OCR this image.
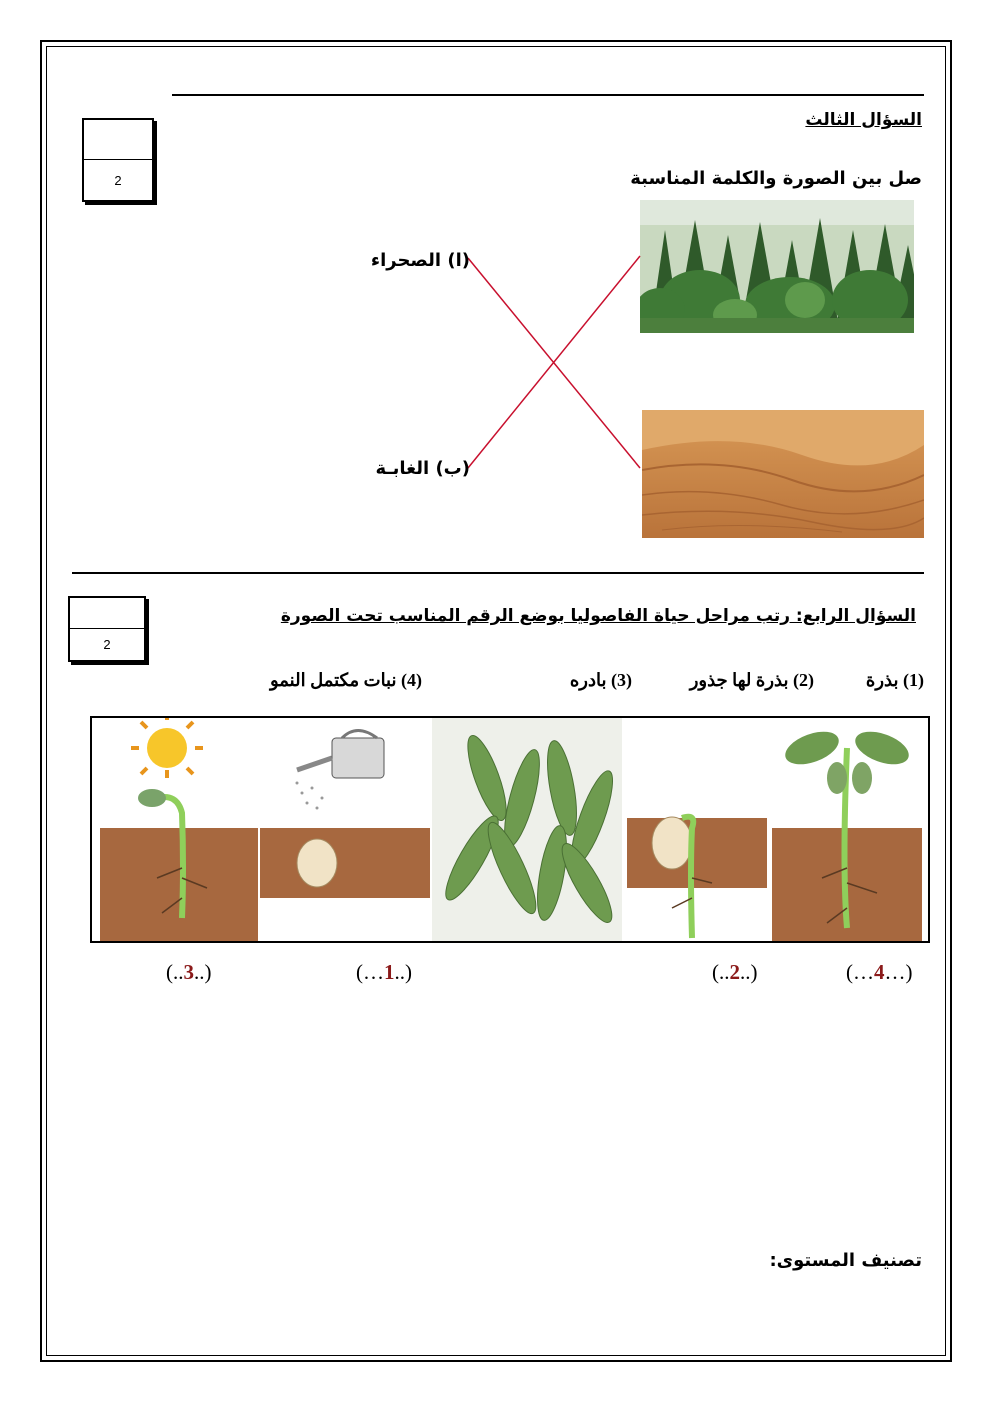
السؤال الثالث
2	صل بين الصورة والكلمة المناسبة
(ا) الصحراء
(ب) الغابـة
2
السؤال الرابع: رتب مراحل حياة الفاصوليا بوضع الرقم المناسب تحت الصورة
(1) بذرة
(2) بذرة لها جذور
(3) بادره
(4) نبات مكتمل النمو
(…4…)
(..2..)
(…1..)
(..3..)
تصنيف المستوى:
